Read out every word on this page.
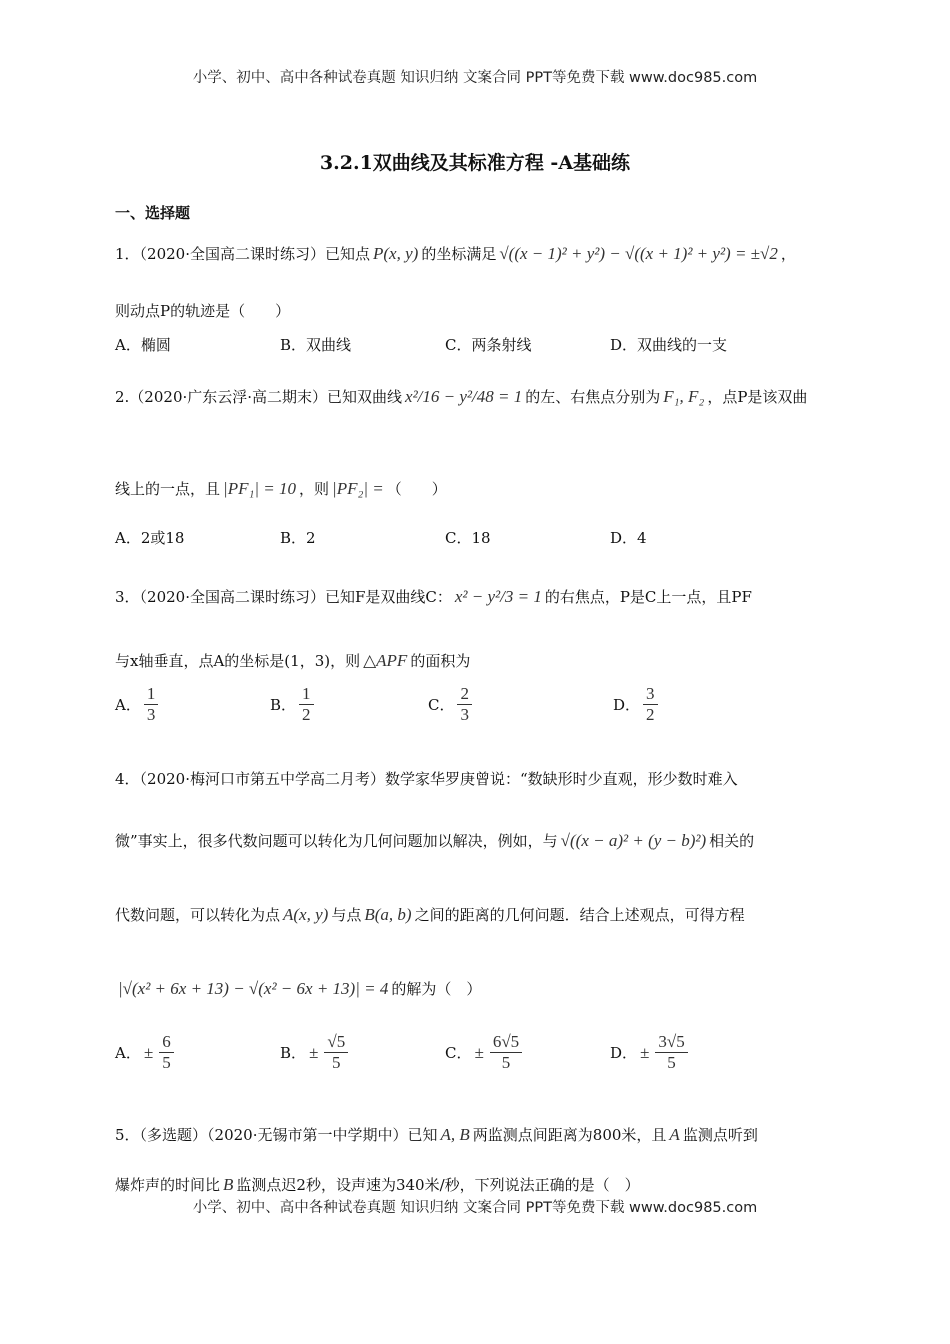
小学、初中、高中各种试卷真题 知识归纳 文案合同 PPT等免费下载 www.doc985.com
3.2.1双曲线及其标准方程 -A基础练
一、选择题
1．（2020·全国高二课时练习）已知点 P(x, y) 的坐标满足 √((x − 1)² + y²) − √((x + 1)² + y²) = ±√2 ，
则动点P的轨迹是（　　）
A．椭圆	B．双曲线	C．两条射线	D．双曲线的一支
2.（2020·广东云浮·高二期末）已知双曲线 x²/16 − y²/48 = 1 的左、右焦点分别为 F₁, F₂ ，点P是该双曲
线上的一点，且 |PF₁| = 10 ，则 |PF₂| = （　　）
A．2或18	B．2	C．18	D．4
3．（2020·全国高二课时练习）已知F是双曲线C： x² − y²/3 = 1 的右焦点，P是C上一点，且PF
与x轴垂直，点A的坐标是(1，3)，则 △APF 的面积为
A． $\frac{1}{3}$	B． $\frac{1}{2}$	C． $\frac{2}{3}$	D． $\frac{3}{2}$
4．（2020·梅河口市第五中学高二月考）数学家华罗庚曾说：“数缺形时少直观，形少数时难入
微”事实上，很多代数问题可以转化为几何问题加以解决，例如，与 √((x − a)² + (y − b)²) 相关的
代数问题，可以转化为点 A(x, y) 与点 B(a, b) 之间的距离的几何问题．结合上述观点，可得方程
|√(x² + 6x + 13) − √(x² − 6x + 13)| = 4 的解为（　）
A． ± $\frac{6}{5}$	B． ± $\frac{√5}{5}$	C． ± $\frac{6√5}{5}$	D． ± $\frac{3√5}{5}$
5．（多选题）（2020·无锡市第一中学期中）已知 A, B 两监测点间距离为800米，且 A 监测点听到
爆炸声的时间比 B 监测点迟2秒，设声速为340米/秒，下列说法正确的是（　）
小学、初中、高中各种试卷真题 知识归纳 文案合同 PPT等免费下载 www.doc985.com
